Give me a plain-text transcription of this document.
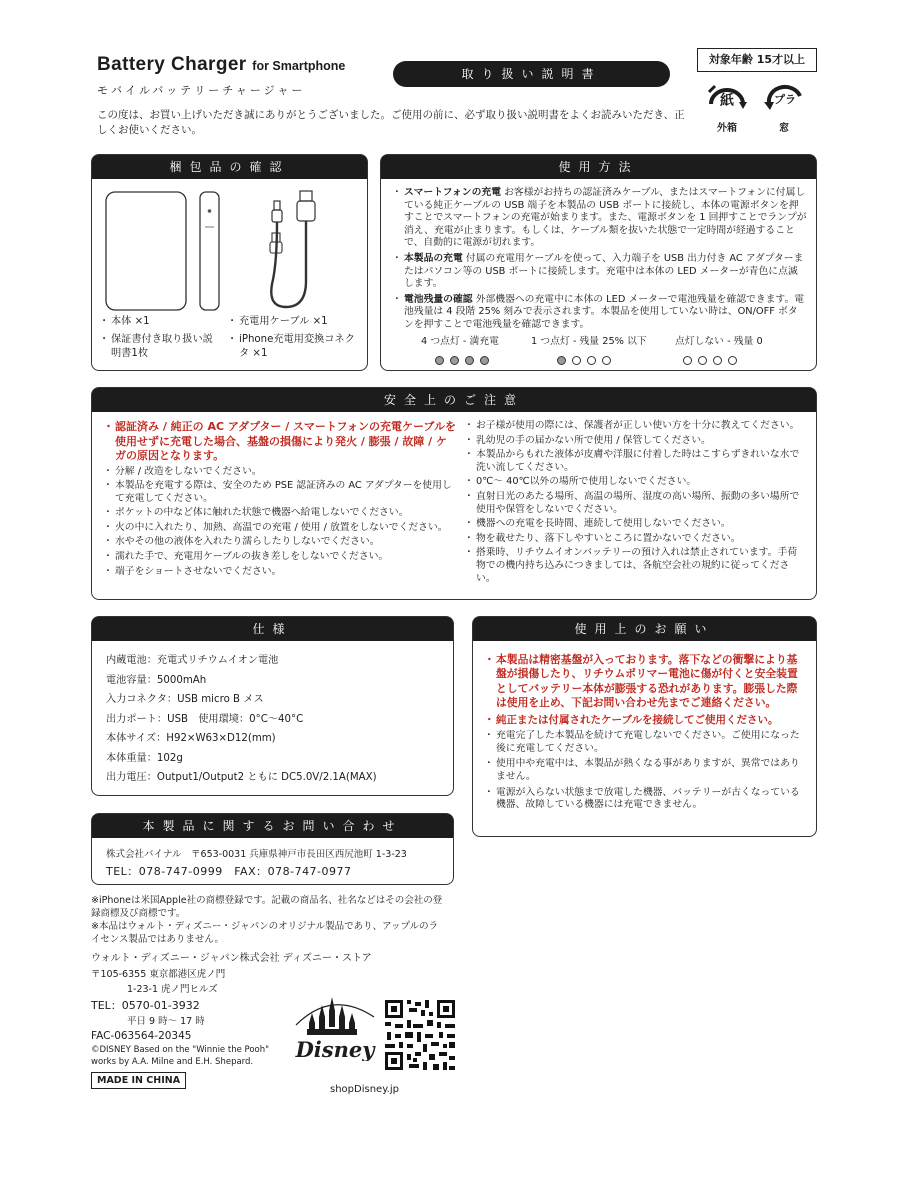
Battery Charger for Smartphone
モバイルバッテリーチャージャー
この度は、お買い上げいただき誠にありがとうございました。ご使用の前に、必ず取り扱い説明書をよくお読みいただき、正しくお使いください。
取り扱い説明書
対象年齢 15才以上
紙
外箱
プラ
窓
梱包品の確認
・ 本体 ×1
・ 保証書付き取り扱い説明書1枚
・ 充電用ケーブル ×1
・ iPhone充電用変換コネクタ ×1
使用方法
・ スマートフォンの充電 お客様がお持ちの認証済みケーブル、またはスマートフォンに付属している純正ケーブルの USB 端子を本製品の USB ポートに接続し、本体の電源ボタンを押すことでスマートフォンの充電が始まります。また、電源ボタンを 1 回押すことでランプが消え、充電が止まります。もしくは、ケーブル類を抜いた状態で一定時間が経過することで、自動的に電源が切れます。
・ 本製品の充電 付属の充電用ケーブルを使って、入力端子を USB 出力付き AC アダプターまたはパソコン等の USB ポートに接続します。充電中は本体の LED メーターが青色に点滅します。
・ 電池残量の確認 外部機器への充電中に本体の LED メーターで電池残量を確認できます。電池残量は 4 段階 25% 刻みで表示されます。本製品を使用していない時は、ON/OFF ボタンを押すことで電池残量を確認できます。
4 つ点灯 - 満充電	1 つ点灯 - 残量 25% 以下	点灯しない - 残量 0
安全上のご注意
・ 認証済み / 純正の AC アダプター / スマートフォンの充電ケーブルを使用せずに充電した場合、基盤の損傷により発火 / 膨張 / 故障 / ケガの原因となります。
・ 分解 / 改造をしないでください。
・ 本製品を充電する際は、安全のため PSE 認証済みの AC アダプターを使用して充電してください。
・ ポケットの中など体に触れた状態で機器へ給電しないでください。
・ 火の中に入れたり、加熱、高温での充電 / 使用 / 放置をしないでください。
・ 水やその他の液体を入れたり濡らしたりしないでください。
・ 濡れた手で、充電用ケーブルの抜き差しをしないでください。
・ 端子をショートさせないでください。
・ お子様が使用の際には、保護者が正しい使い方を十分に教えてください。
・ 乳幼児の手の届かない所で使用 / 保管してください。
・ 本製品からもれた液体が皮膚や洋服に付着した時はこすらずきれいな水で洗い流してください。
・ 0℃〜 40℃以外の場所で使用しないでください。
・ 直射日光のあたる場所、高温の場所、湿度の高い場所、振動の多い場所で使用や保管をしないでください。
・ 機器への充電を長時間、連続して使用しないでください。
・ 物を載せたり、落下しやすいところに置かないでください。
・ 搭乗時、リチウムイオンバッテリーの預け入れは禁止されています。手荷物での機内持ち込みにつきましては、各航空会社の規約に従ってください。
仕様
内蔵電池：充電式リチウムイオン電池
電池容量：5000mAh
入力コネクタ：USB micro B メス
出力ポート：USB　使用環境：0°C〜40°C
本体サイズ：H92×W63×D12(mm)
本体重量：102g
出力電圧：Output1/Output2 ともに DC5.0V/2.1A(MAX)
使用上のお願い
・ 本製品は精密基盤が入っております。落下などの衝撃により基盤が損傷したり、リチウムポリマー電池に傷が付くと安全装置としてバッテリー本体が膨張する恐れがあります。膨張した際は使用を止め、下記お問い合わせ先までご連絡ください。
・ 純正または付属されたケーブルを接続してご使用ください。
・ 充電完了した本製品を続けて充電しないでください。ご使用になった後に充電してください。
・ 使用中や充電中は、本製品が熱くなる事がありますが、異常ではありません。
・ 電源が入らない状態まで放電した機器、バッテリーが古くなっている機器、故障している機器には充電できません。
本製品に関するお問い合わせ
株式会社バイナル　〒653-0031 兵庫県神戸市長田区西尻池町 1-3-23
TEL：078-747-0999　FAX：078-747-0977
※iPhoneは米国Apple社の商標登録です。記載の商品名、社名などはその会社の登録商標及び商標です。
※本品はウォルト・ディズニー・ジャパンのオリジナル製品であり、アップルのライセンス製品ではありません。
ウォルト・ディズニー・ジャパン株式会社 ディズニー・ストア
〒105-6355 東京都港区虎ノ門
1-23-1 虎ノ門ヒルズ
TEL：0570-01-3932
平日 9 時〜 17 時
FAC-063564-20345
©DISNEY Based on the "Winnie the Pooh"
works by A.A. Milne and E.H. Shepard.
MADE IN CHINA
Disney
shopDisney.jp
